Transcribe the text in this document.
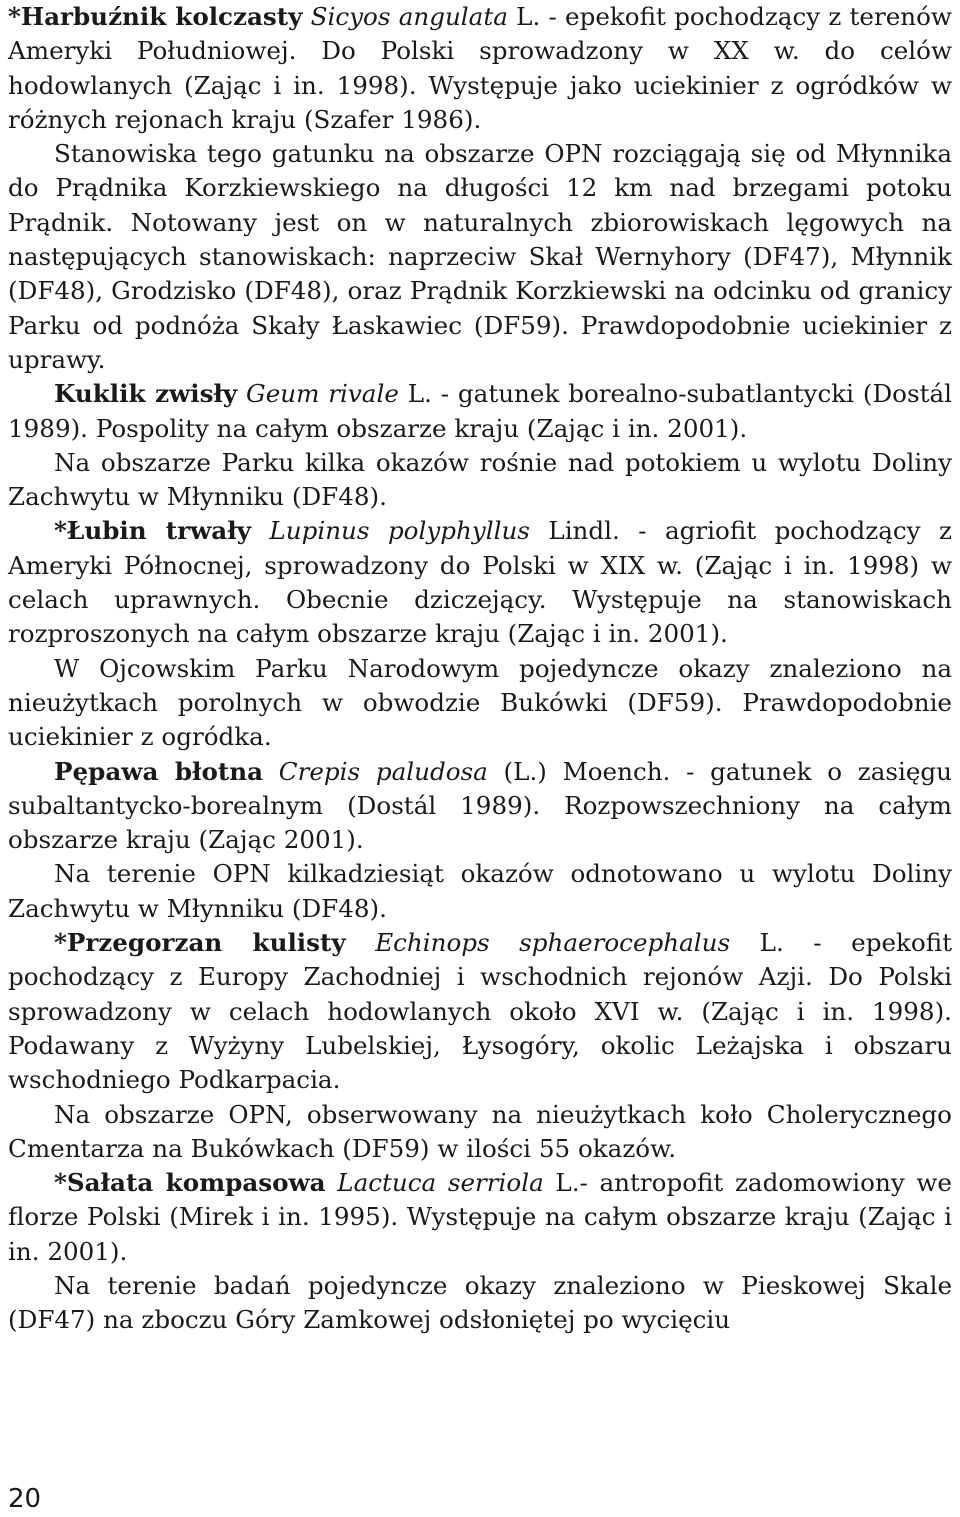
*Harbuźnik kolczasty Sicyos angulata L. - epekofit pochodzący z terenów Ameryki Południowej. Do Polski sprowadzony w XX w. do celów hodowlanych (Zając i in. 1998). Występuje jako uciekinier z ogródków w różnych rejonach kraju (Szafer 1986).

Stanowiska tego gatunku na obszarze OPN rozciągają się od Młynnika do Prądnika Korzkiewskiego na długości 12 km nad brzegami potoku Prądnik. Notowany jest on w naturalnych zbiorowiskach lęgowych na następujących stanowiskach: naprzeciw Skał Wernyhory (DF47), Młynnik (DF48), Grodzisko (DF48), oraz Prądnik Korzkiewski na odcinku od granicy Parku od podnóża Skały Łaskawiec (DF59). Prawdopodobnie uciekinier z uprawy.

Kuklik zwisły Geum rivale L. - gatunek borealno-subatlantycki (Dostál 1989). Pospolity na całym obszarze kraju (Zając i in. 2001).

Na obszarze Parku kilka okazów rośnie nad potokiem u wylotu Doliny Zachwytu w Młynniku (DF48).

*Łubin trwały Lupinus polyphyllus Lindl. - agriofit pochodzący z Ameryki Północnej, sprowadzony do Polski w XIX w. (Zając i in. 1998) w celach uprawnych. Obecnie dziczejący. Występuje na stanowiskach rozproszonych na całym obszarze kraju (Zając i in. 2001).

W Ojcowskim Parku Narodowym pojedyncze okazy znaleziono na nieużytkach porolnych w obwodzie Bukówki (DF59). Prawdopodobnie uciekinier z ogródka.

Pępawa błotna Crepis paludosa (L.) Moench. - gatunek o zasięgu subaltantycko-borealnym (Dostál 1989). Rozpowszechniony na całym obszarze kraju (Zając 2001).

Na terenie OPN kilkadziesiąt okazów odnotowano u wylotu Doliny Zachwytu w Młynniku (DF48).

*Przegorzan kulisty Echinops sphaerocephalus L. - epekofit pochodzący z Europy Zachodniej i wschodnich rejonów Azji. Do Polski sprowadzony w celach hodowlanych około XVI w. (Zając i in. 1998). Podawany z Wyżyny Lubelskiej, Łysogóry, okolic Leżajska i obszaru wschodniego Podkarpacia.

Na obszarze OPN, obserwowany na nieużytkach koło Cholerycznego Cmentarza na Bukówkach (DF59) w ilości 55 okazów.

*Sałata kompasowa Lactuca serriola L.- antropofit zadomowiony we florze Polski (Mirek i in. 1995). Występuje na całym obszarze kraju (Zając i in. 2001).

Na terenie badań pojedyncze okazy znaleziono w Pieskowej Skale (DF47) na zboczu Góry Zamkowej odsłoniętej po wycięciu

20
